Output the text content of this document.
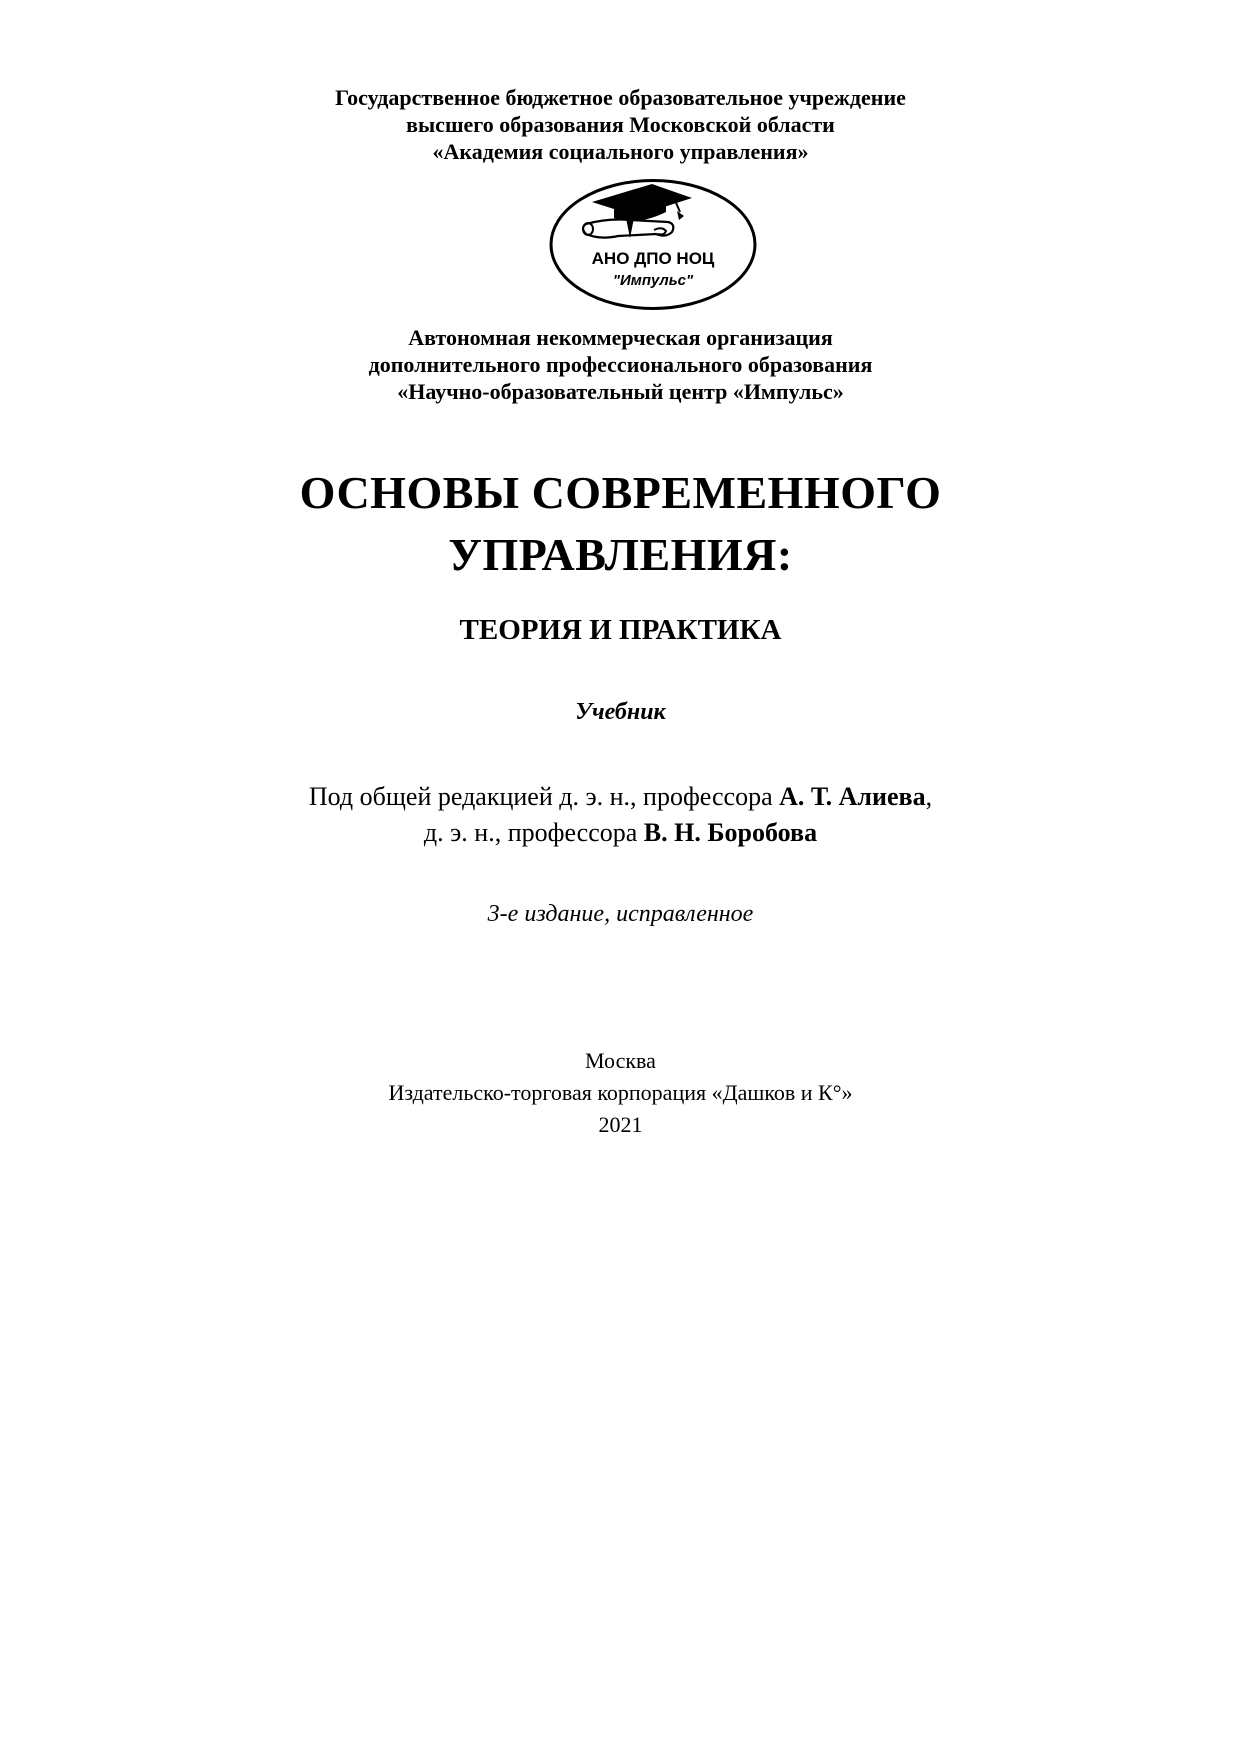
Государственное бюджетное образовательное учреждение
высшего образования Московской области
«Академия социального управления»
АНО ДПО НОЦ
"Импульс"
Автономная некоммерческая организация
дополнительного профессионального образования
«Научно-образовательный центр «Импульс»
ОСНОВЫ СОВРЕМЕННОГО
УПРАВЛЕНИЯ:
ТЕОРИЯ И ПРАКТИКА
Учебник
Под общей редакцией д. э. н., профессора А. Т. Алиева,
д. э. н., профессора В. Н. Боробова
3-е издание, исправленное
Москва
Издательско-торговая корпорация «Дашков и К°»
2021
